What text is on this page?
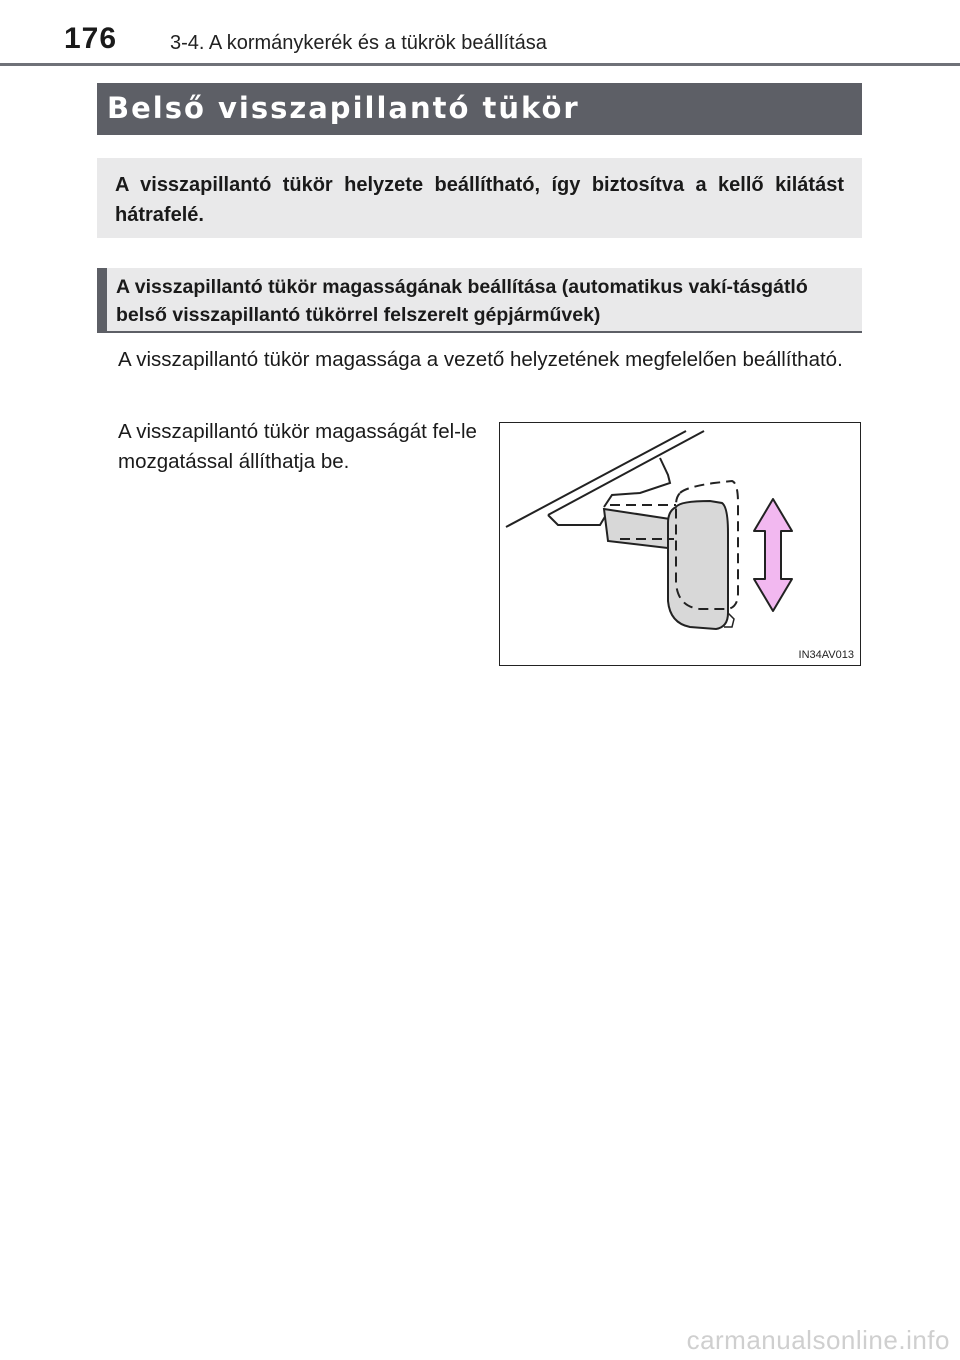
176	3-4. A kormánykerék és a tükrök beállítása
Belső visszapillantó tükör
A visszapillantó tükör helyzete beállítható, így biztosítva a kellő kilátást hátrafelé.
A visszapillantó tükör magasságának beállítása (automatikus vakí-tásgátló belső visszapillantó tükörrel felszerelt gépjárművek)
A visszapillantó tükör magassága a vezető helyzetének megfelelően beállítható.
A visszapillantó tükör magasságát fel-le mozgatással állíthatja be.
IN34AV013
carmanualsonline.info
